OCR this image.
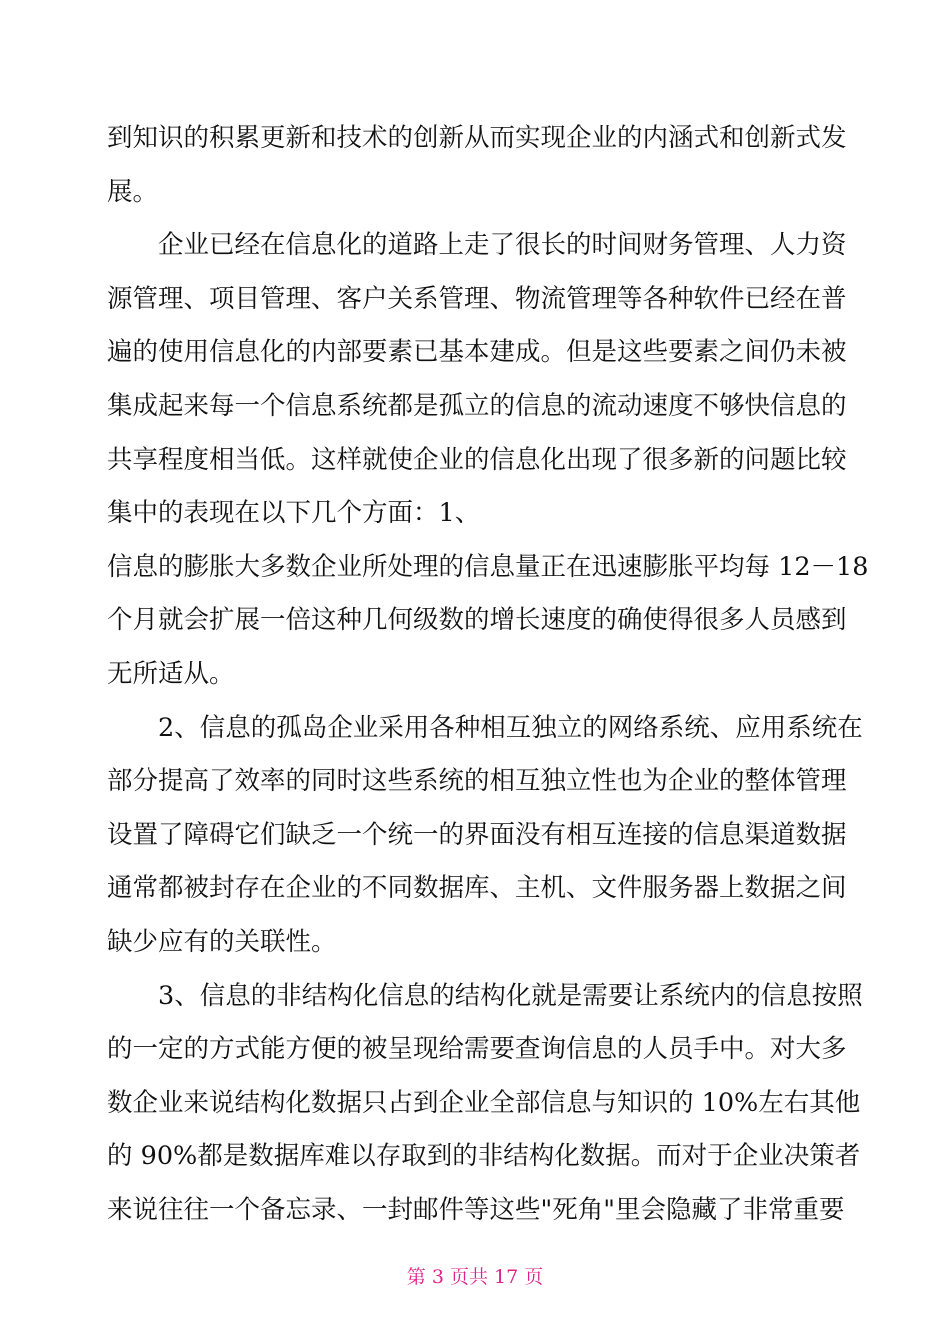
到知识的积累更新和技术的创新从而实现企业的内涵式和创新式发

展。

企业已经在信息化的道路上走了很长的时间财务管理、人力资

源管理、项目管理、客户关系管理、物流管理等各种软件已经在普

遍的使用信息化的内部要素已基本建成。但是这些要素之间仍未被

集成起来每一个信息系统都是孤立的信息的流动速度不够快信息的

共享程度相当低。这样就使企业的信息化出现了很多新的问题比较

集中的表现在以下几个方面：1、

信息的膨胀大多数企业所处理的信息量正在迅速膨胀平均每 12－18

个月就会扩展一倍这种几何级数的增长速度的确使得很多人员感到

无所适从。

2、信息的孤岛企业采用各种相互独立的网络系统、应用系统在

部分提高了效率的同时这些系统的相互独立性也为企业的整体管理

设置了障碍它们缺乏一个统一的界面没有相互连接的信息渠道数据

通常都被封存在企业的不同数据库、主机、文件服务器上数据之间

缺少应有的关联性。

3、信息的非结构化信息的结构化就是需要让系统内的信息按照

的一定的方式能方便的被呈现给需要查询信息的人员手中。对大多

数企业来说结构化数据只占到企业全部信息与知识的 10%左右其他

的 90%都是数据库难以存取到的非结构化数据。而对于企业决策者

来说往往一个备忘录、一封邮件等这些"死角"里会隐藏了非常重要

第 3 页共 17 页
